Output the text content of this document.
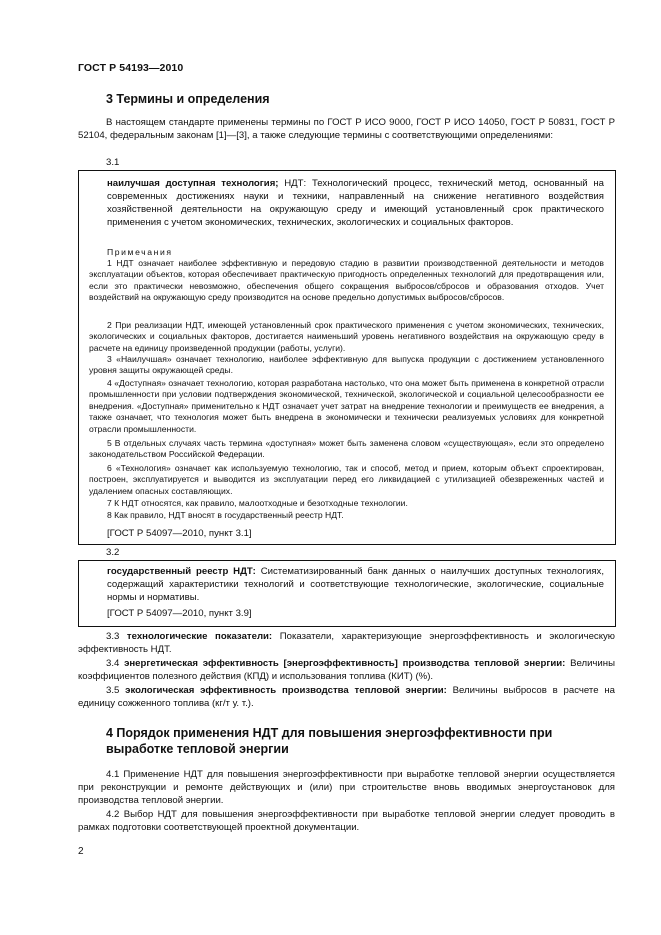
ГОСТ Р 54193—2010
3 Термины и определения
В настоящем стандарте применены термины по ГОСТ Р ИСО 9000, ГОСТ Р ИСО 14050, ГОСТ Р 50831, ГОСТ Р 52104, федеральным законам [1]—[3], а также следующие термины с соответствующими определениями:
3.1
наилучшая доступная технология; НДТ: Технологический процесс, технический метод, основанный на современных достижениях науки и техники, направленный на снижение негативного воздействия хозяйственной деятельности на окружающую среду и имеющий установленный срок практического применения с учетом экономических, технических, экологических и социальных факторов.
Примечания
1 НДТ означает наиболее эффективную и передовую стадию в развитии производственной деятельности и методов эксплуатации объектов, которая обеспечивает практическую пригодность определенных технологий для предотвращения или, если это практически невозможно, обеспечения общего сокращения выбросов/сбросов и образования отходов. Учет воздействий на окружающую среду производится на основе предельно допустимых выбросов/сбросов.
2 При реализации НДТ, имеющей установленный срок практического применения с учетом экономических, технических, экологических и социальных факторов, достигается наименьший уровень негативного воздействия на окружающую среду в расчете на единицу произведенной продукции (работы, услуги).
3 «Наилучшая» означает технологию, наиболее эффективную для выпуска продукции с достижением установленного уровня защиты окружающей среды.
4 «Доступная» означает технологию, которая разработана настолько, что она может быть применена в конкретной отрасли промышленности при условии подтверждения экономической, технической, экологической и социальной целесообразности ее внедрения. «Доступная» применительно к НДТ означает учет затрат на внедрение технологии и преимуществ ее внедрения, а также означает, что технология может быть внедрена в экономически и технически реализуемых условиях для конкретной отрасли промышленности.
5 В отдельных случаях часть термина «доступная» может быть заменена словом «существующая», если это определено законодательством Российской Федерации.
6 «Технология» означает как используемую технологию, так и способ, метод и прием, которым объект спроектирован, построен, эксплуатируется и выводится из эксплуатации перед его ликвидацией с утилизацией обезвреженных частей и удалением опасных составляющих.
7 К НДТ относятся, как правило, малоотходные и безотходные технологии.
8 Как правило, НДТ вносят в государственный реестр НДТ.
[ГОСТ Р 54097—2010, пункт 3.1]
3.2
государственный реестр НДТ: Систематизированный банк данных о наилучших доступных технологиях, содержащий характеристики технологий и соответствующие технологические, экологические, социальные нормы и нормативы.
[ГОСТ Р 54097—2010, пункт 3.9]
3.3 технологические показатели: Показатели, характеризующие энергоэффективность и экологическую эффективность НДТ.
3.4 энергетическая эффективность [энергоэффективность] производства тепловой энергии: Величины коэффициентов полезного действия (КПД) и использования топлива (КИТ) (%).
3.5 экологическая эффективность производства тепловой энергии: Величины выбросов в расчете на единицу сожженного топлива (кг/т у. т.).
4 Порядок применения НДТ для повышения энергоэффективности при выработке тепловой энергии
4.1 Применение НДТ для повышения энергоэффективности при выработке тепловой энергии осуществляется при реконструкции и ремонте действующих и (или) при строительстве вновь вводимых энергоустановок для производства тепловой энергии.
4.2 Выбор НДТ для повышения энергоэффективности при выработке тепловой энергии следует проводить в рамках подготовки соответствующей проектной документации.
2
